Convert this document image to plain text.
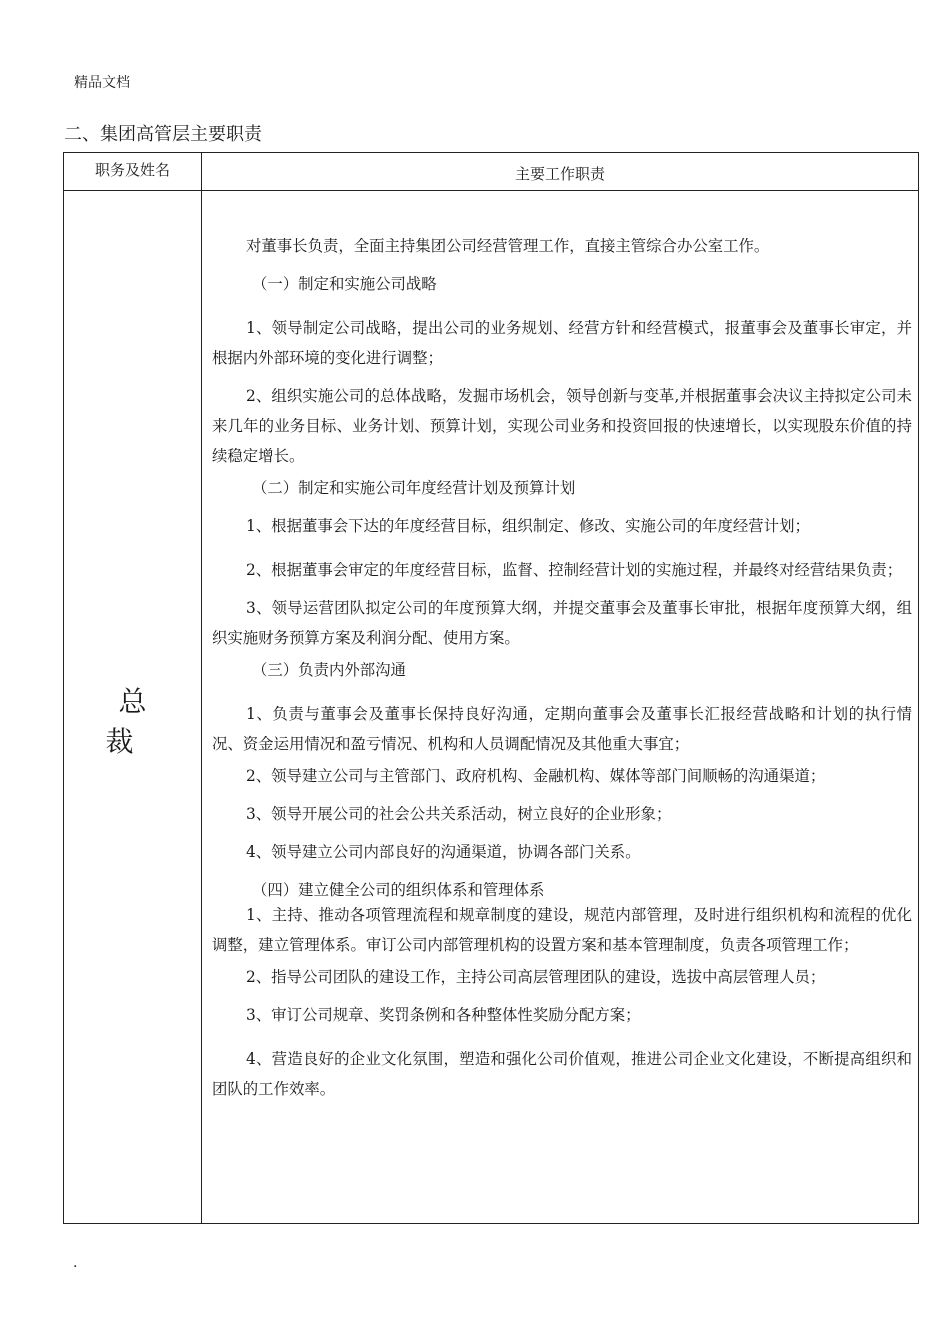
精品文档
二、集团高管层主要职责
职务及姓名	主要工作职责
总 裁

对董事长负责，全面主持集团公司经营管理工作，直接主管综合办公室工作。

（一）制定和实施公司战略

1、领导制定公司战略，提出公司的业务规划、经营方针和经营模式，报董事会及董事长审定，并根据内外部环境的变化进行调整；

2、组织实施公司的总体战略，发掘市场机会，领导创新与变革,并根据董事会决议主持拟定公司未来几年的业务目标、业务计划、预算计划，实现公司业务和投资回报的快速增长，以实现股东价值的持续稳定增长。

（二）制定和实施公司年度经营计划及预算计划

1、根据董事会下达的年度经营目标，组织制定、修改、实施公司的年度经营计划；

2、根据董事会审定的年度经营目标，监督、控制经营计划的实施过程，并最终对经营结果负责；

3、领导运营团队拟定公司的年度预算大纲，并提交董事会及董事长审批，根据年度预算大纲，组织实施财务预算方案及利润分配、使用方案。

（三）负责内外部沟通

1、负责与董事会及董事长保持良好沟通，定期向董事会及董事长汇报经营战略和计划的执行情况、资金运用情况和盈亏情况、机构和人员调配情况及其他重大事宜；

2、领导建立公司与主管部门、政府机构、金融机构、媒体等部门间顺畅的沟通渠道；

3、领导开展公司的社会公共关系活动，树立良好的企业形象；

4、领导建立公司内部良好的沟通渠道，协调各部门关系。

（四）建立健全公司的组织体系和管理体系

1、主持、推动各项管理流程和规章制度的建设，规范内部管理，及时进行组织机构和流程的优化调整，建立管理体系。审订公司内部管理机构的设置方案和基本管理制度，负责各项管理工作；

2、指导公司团队的建设工作，主持公司高层管理团队的建设，选拔中高层管理人员；

3、审订公司规章、奖罚条例和各种整体性奖励分配方案；

4、营造良好的企业文化氛围，塑造和强化公司价值观，推进公司企业文化建设，不断提高组织和团队的工作效率。

.
